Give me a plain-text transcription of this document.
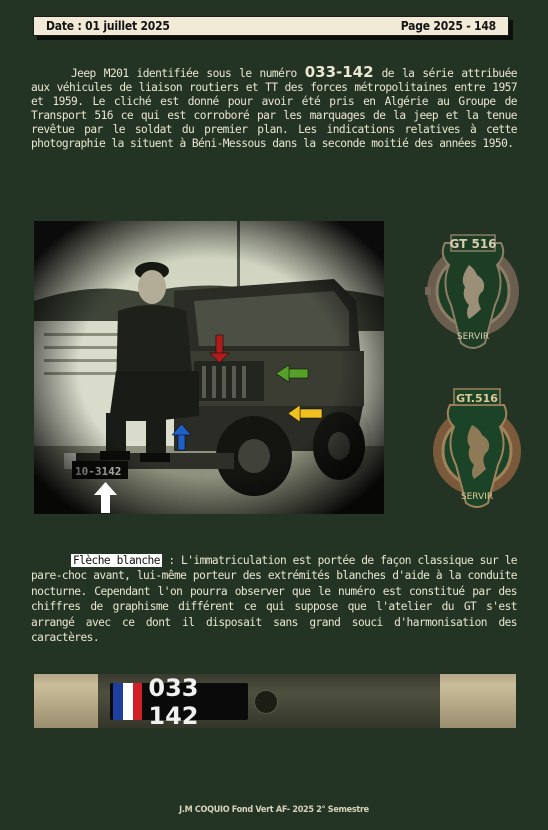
Date : 01 juillet 2025	Page 2025 - 148

Jeep M201 identifiée sous le numéro 033-142 de la série attribuée aux véhicules de liaison routiers et TT des forces métropolitaines entre 1957 et 1959. Le cliché est donné pour avoir été pris en Algérie au Groupe de Transport 516 ce qui est corroboré par les marquages de la jeep et la tenue revêtue par le soldat du premier plan. Les indications relatives à cette photographie la situent à Béni-Messous dans la seconde moitié des années 1950.

GT 516
SERVIR
GT.516
SERVIR

Flèche blanche : L'immatriculation est portée de façon classique sur le pare-choc avant, lui-même porteur des extrémités blanches d'aide à la conduite nocturne. Cependant l'on pourra observer que le numéro est constitué par des chiffres de graphisme différent ce qui suppose que l'atelier du GT s'est arrangé avec ce dont il disposait sans grand souci d'harmonisation des caractères.

033 142
J.M COQUIO Fond Vert AF- 2025 2° Semestre
